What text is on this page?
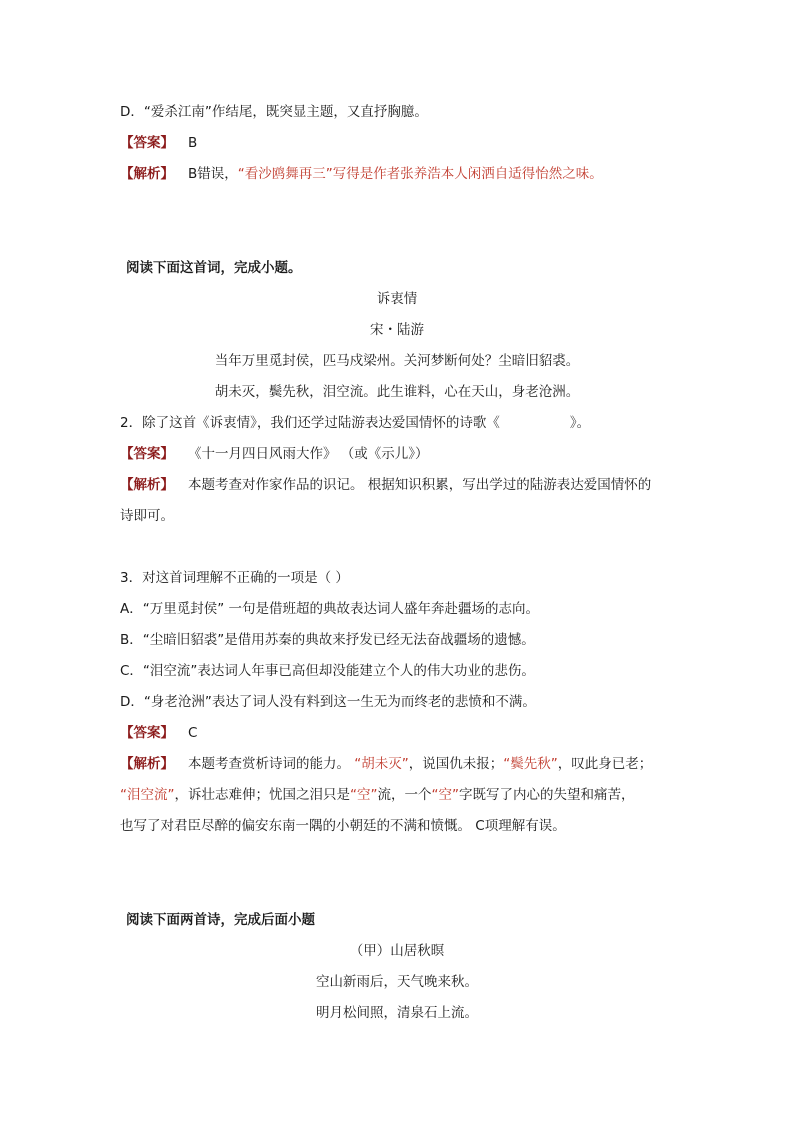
D．“爱杀江南”作结尾，既突显主题，又直抒胸臆。
【答案】 B
【解析】 B错误，“看沙鸥舞再三”写得是作者张养浩本人闲洒自适得怡然之味。
阅读下面这首词，完成小题。
诉衷情
宋・陆游
当年万里觅封侯，匹马戍梁州。关河梦断何处？尘暗旧貂裘。
胡未灭，鬓先秋，泪空流。此生谁料，心在天山，身老沧洲。
2．除了这首《诉衷情》，我们还学过陆游表达爱国情怀的诗歌《	》。
【答案】 《十一月四日风雨大作》 （或《示儿》）
【解析】 本题考查对作家作品的识记。 根据知识积累，写出学过的陆游表达爱国情怀的
诗即可。
3．对这首词理解不正确的一项是（ ）
A．“万里觅封侯” 一句是借班超的典故表达词人盛年奔赴疆场的志向。
B．“尘暗旧貂裘”是借用苏秦的典故来抒发已经无法奋战疆场的遗憾。
C．“泪空流”表达词人年事已高但却没能建立个人的伟大功业的悲伤。
D．“身老沧洲”表达了词人没有料到这一生无为而终老的悲愤和不满。
【答案】 C
【解析】 本题考查赏析诗词的能力。 “胡未灭”，说国仇未报；“鬓先秋”，叹此身已老；
“泪空流”，诉壮志难伸；忧国之泪只是“空”流，一个“空”字既写了内心的失望和痛苦，
也写了对君臣尽醉的偏安东南一隅的小朝廷的不满和愤慨。 C项理解有误。
阅读下面两首诗，完成后面小题
（甲）山居秋暝
空山新雨后，天气晚来秋。
明月松间照，清泉石上流。
